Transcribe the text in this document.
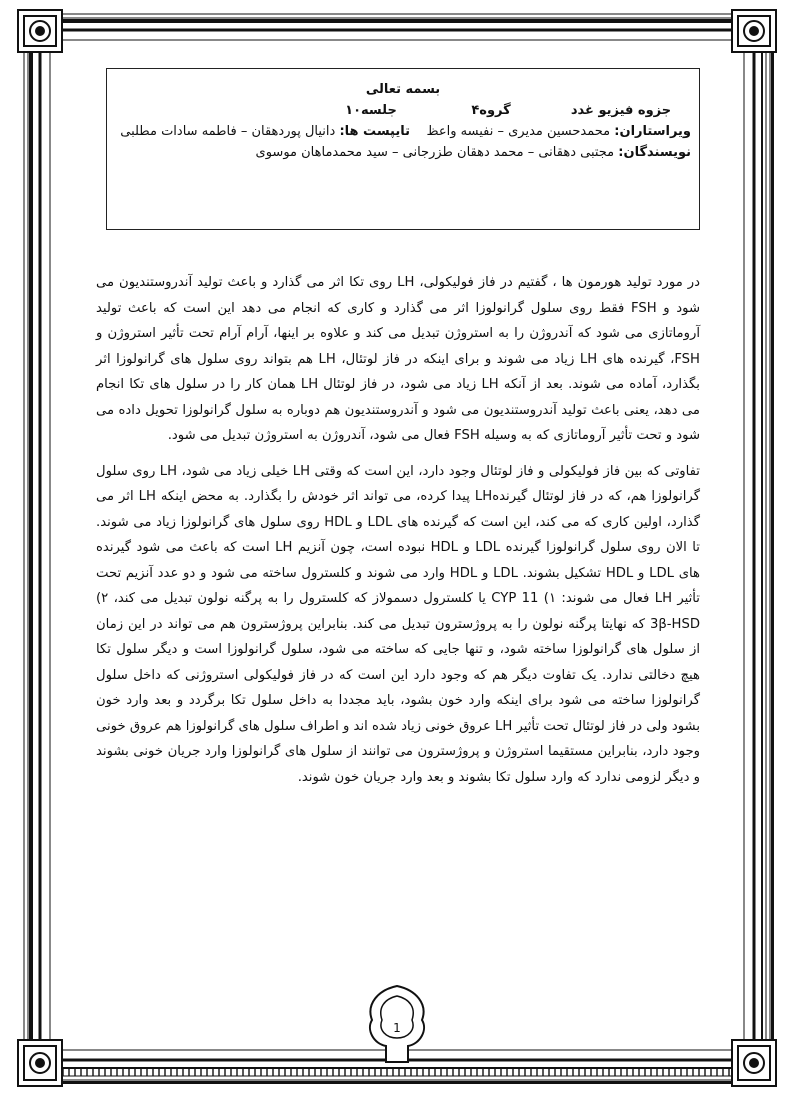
بسمه تعالی
جزوه فیزیو غدد
گروه۴
جلسه۱۰
ویراستاران: محمدحسین مدیری – نفیسه واعظ    تایپست ها: دانیال پوردهقان – فاطمه سادات مطلبی
نویسندگان: مجتبی دهقانی – محمد دهقان طزرجانی – سید محمدماهان موسوی

در مورد تولید هورمون ها ، گفتیم در فاز فولیکولی، LH روی تکا اثر می گذارد و باعث تولید آندروستندیون می شود و FSH فقط روی سلول گرانولوزا اثر می گذارد و کاری که انجام می دهد این است که باعث تولید آروماتازی می شود که آندروژن را به استروژن تبدیل می کند و علاوه بر اینها، آرام آرام تحت تأثیر استروژن و FSH، گیرنده های LH زیاد می شوند و برای اینکه در فاز لوتئال، LH هم بتواند روی سلول های گرانولوزا اثر بگذارد، آماده می شوند. بعد از آنکه LH زیاد می شود، در فاز لوتئال LH همان کار را در سلول های تکا انجام می دهد، یعنی باعث تولید آندروستندیون می شود و آندروستندیون هم دوباره به سلول گرانولوزا تحویل داده می شود و تحت تأثیر آروماتازی که به وسیله FSH فعال می شود، آندروژن به استروژن تبدیل می شود.

تفاوتی که بین فاز فولیکولی و فاز لوتئال وجود دارد، این است که وقتی LH خیلی زیاد می شود، LH روی سلول گرانولوزا هم، که در فاز لوتئال گیرندهLH پیدا کرده، می تواند اثر خودش را بگذارد. به محض اینکه LH اثر می گذارد، اولین کاری که می کند، این است که گیرنده های LDL و HDL روی سلول های گرانولوزا زیاد می شوند. تا الان روی سلول گرانولوزا گیرنده LDL و HDL نبوده است، چون آنزیم LH است که باعث می شود گیرنده های LDL و HDL تشکیل بشوند. LDL و HDL وارد می شوند و کلسترول ساخته می شود و دو عدد آنزیم تحت تأثیر LH فعال می شوند: ۱) CYP 11 یا کلسترول دسمولاز که کلسترول را به پرگنه نولون تبدیل می کند، ۲) 3β-HSD که نهایتا پرگنه نولون را به پروژسترون تبدیل می کند. بنابراین پروژسترون هم می تواند در این زمان از سلول های گرانولوزا ساخته شود، و تنها جایی که ساخته می شود، سلول گرانولوزا است و دیگر سلول تکا هیچ دخالتی ندارد. یک تفاوت دیگر هم که وجود دارد این است که در فاز فولیکولی استروژنی که داخل سلول گرانولوزا ساخته می شود برای اینکه وارد خون بشود، باید مجددا به داخل سلول تکا برگردد و بعد وارد خون بشود ولی در فاز لوتئال تحت تأثیر LH عروق خونی زیاد شده اند و اطراف سلول های گرانولوزا هم عروق خونی وجود دارد، بنابراین مستقیما استروژن و پروژسترون می توانند از سلول های گرانولوزا وارد جریان خونی بشوند و دیگر لزومی ندارد که وارد سلول تکا بشوند و بعد وارد جریان خون شوند.

1
